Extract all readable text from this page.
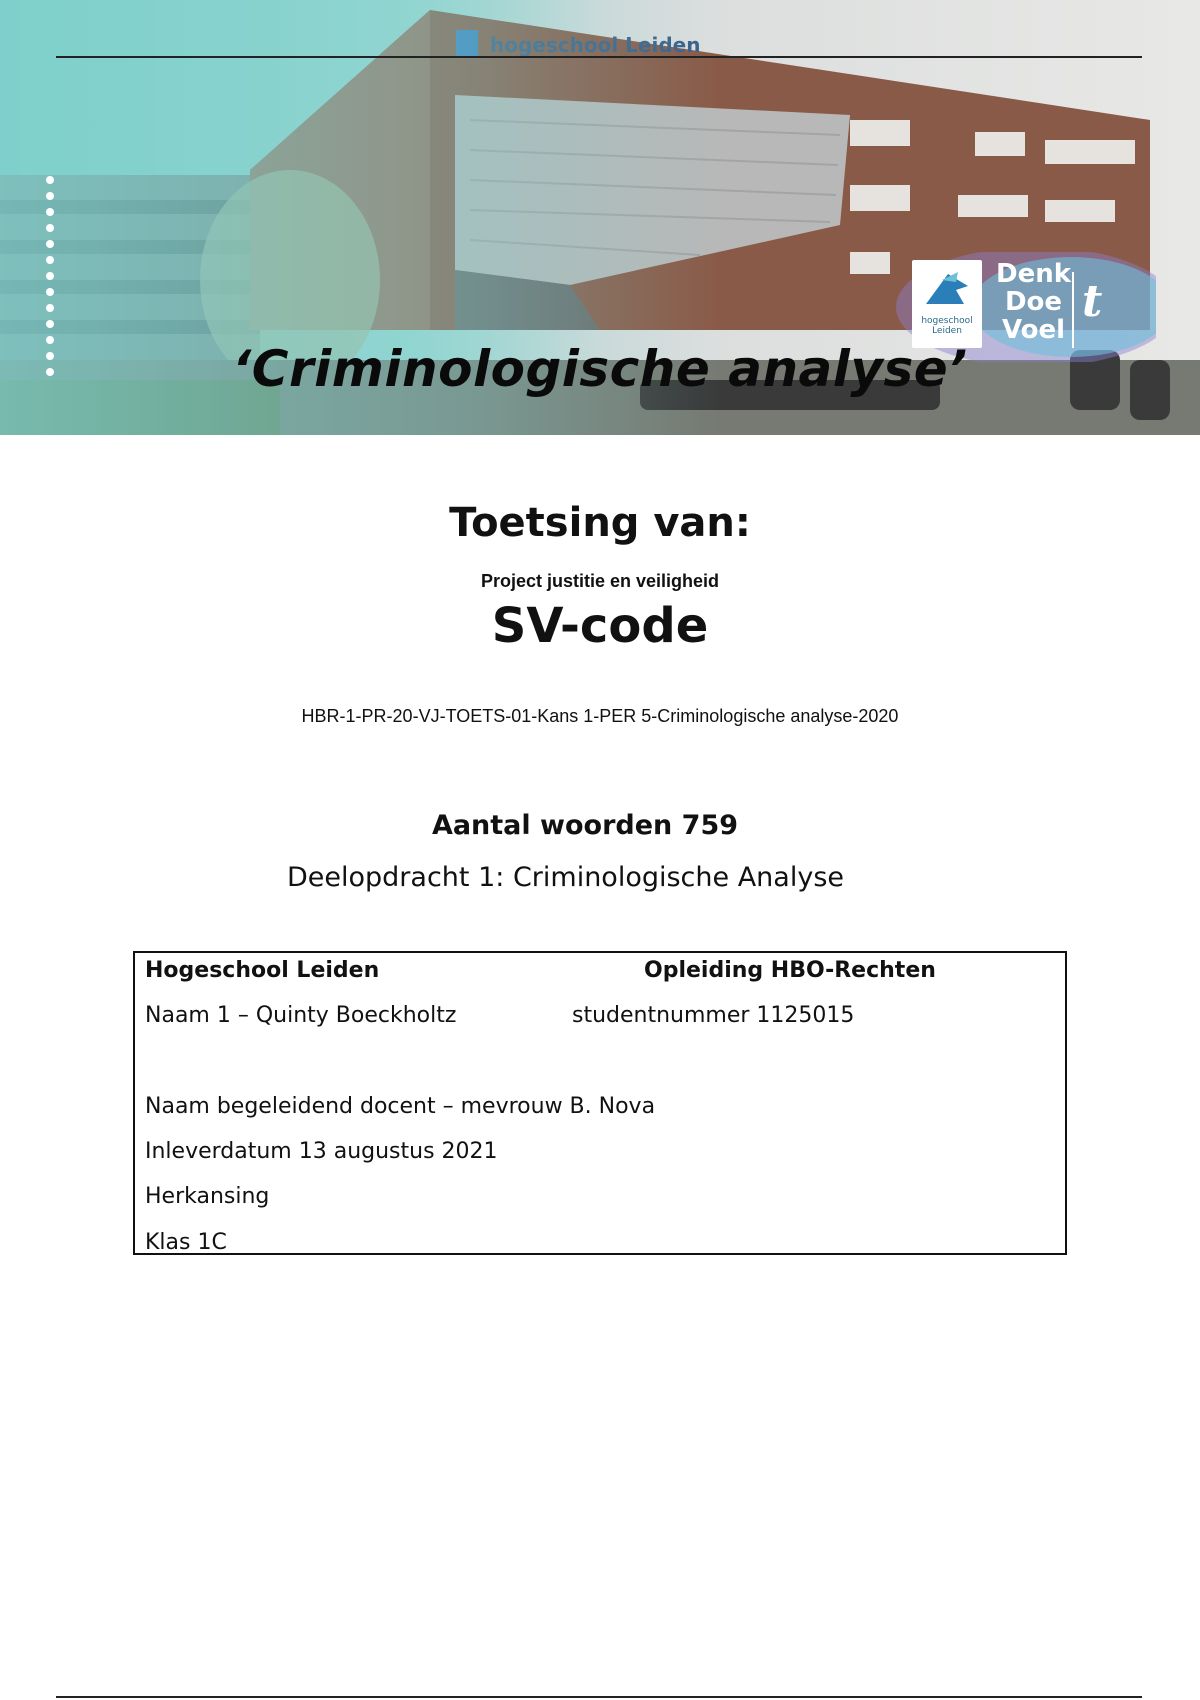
hogeschool
Leiden
Denk
Doe
Voel
t
‘Criminologische analyse’
Toetsing van:
Project justitie en veiligheid
SV-code
HBR-1-PR-20-VJ-TOETS-01-Kans 1-PER 5-Criminologische analyse-2020
Aantal woorden 759
Deelopdracht 1: Criminologische Analyse
Hogeschool Leiden	Opleiding HBO-Rechten
Naam 1 – Quinty Boeckholtz	studentnummer 1125015
Naam begeleidend docent – mevrouw B. Nova
Inleverdatum 13 augustus 2021
Herkansing
Klas 1C
